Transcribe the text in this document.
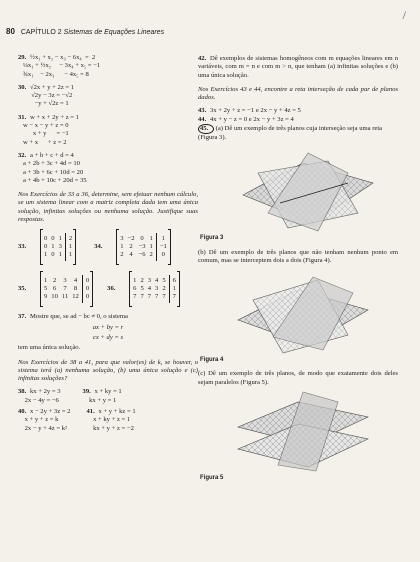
80 CAPÍTULO 2 Sistemas de Equações Lineares
/
29. ½x₁ + x₂ − x₃ − 6x₄  =  2
¼x₁ + ½x₂     − 3x₄ + x₅ = −1
¾x₁    − 2x₃      − 4x₅ = 8
30. √2x + y + 2z = 1
√2y − 3z = −√2
−y + √2z = 1
31. w + x + 2y + z = 1
w − x − y + z = 0
x + y      = −1
w + x      + z = 2
32. a + b + c + d = 4
a + 2b + 3c + 4d = 10
a + 3b + 6c + 10d = 20
a + 4b + 10c + 20d = 35
Nos Exercícios de 33 a 36, determine, sem efetuar nenhum cálculo, se um sistema linear com a matriz completa dada tem uma única solução, infinitas soluções ou nenhuma solução. Justifique suas respostas.
33.
0 0 1
0 1 3
1 0 1
2
1
1
34.
3 −2 0 1
1 2 −3 1
2 4 −6 2
1
−1
0
35.
1 2 3 4
5 6 7 8
9 10 11 12
0
0
0
36.
1 2 3 4 5
6 5 4 3 2
7 7 7 7 7
6
1
7
37. Mostre que, se ad − bc ≠ 0, o sistema
ax + by = r
cx + dy = s
tem uma única solução.
Nos Exercícios de 38 a 41, para que valor(es) de k, se houver, o sistema terá (a) nenhuma solução, (b) uma única solução e (c) infinitas soluções?
38. kx + 2y = 3
2x − 4y = −6
39. x + ky = 1
kx + y = 1
40. x − 2y + 3z = 2
x + y + z = k
2x − y + 4z = k²
41. x + y + kz = 1
x + ky + z = 1
kx + y + z = −2
42. Dê exemplos de sistemas homogêneos com m equações lineares em n variáveis, com m = n e com m > n, que tenham (a) infinitas soluções e (b) uma única solução.
Nos Exercícios 43 e 44, encontre a reta interseção de cada par de planos dados.
43. 3x + 2y + z = −1 e 2x − y + 4z = 5
44. 4x + y − z = 0 e 2x − y + 3z = 4
45. (a) Dê um exemplo de três planos cuja interseção seja uma reta (Figura 3).
Figura 3
(b) Dê um exemplo de três planos que não tenham nenhum ponto em comum, mas se interceptem dois a dois (Figura 4).
Figura 4
(c) Dê um exemplo de três planos, de modo que exatamente dois deles sejam paralelos (Figura 5).
Figura 5
